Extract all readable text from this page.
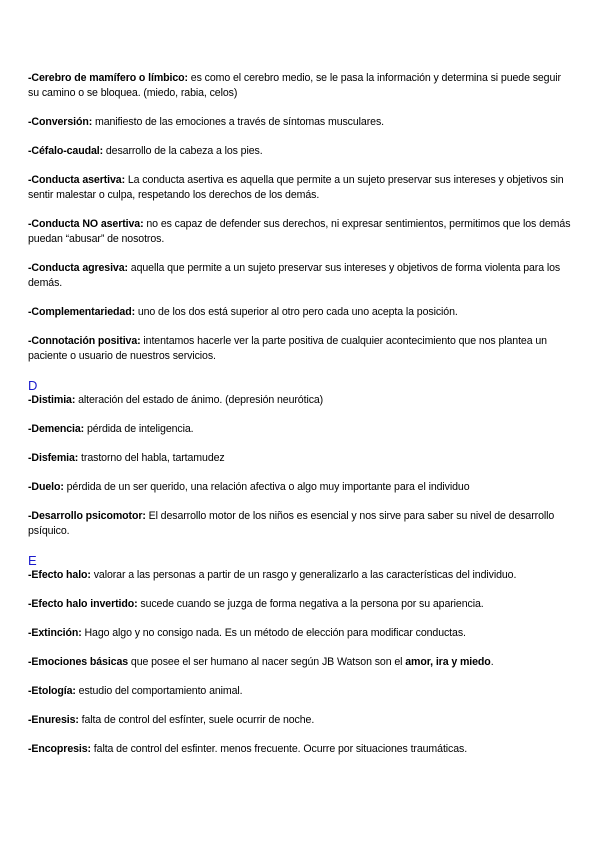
-Cerebro de mamífero o límbico: es como el cerebro medio, se le pasa la información y determina si puede seguir su camino o se bloquea. (miedo, rabia, celos)
-Conversión: manifiesto de las emociones a través de síntomas musculares.
-Céfalo-caudal: desarrollo de la cabeza a los pies.
-Conducta asertiva: La conducta asertiva es aquella que permite a un sujeto preservar sus intereses y objetivos sin sentir malestar o culpa, respetando los derechos de los demás.
-Conducta NO asertiva: no es capaz de defender sus derechos, ni expresar sentimientos, permitimos que los demás puedan “abusar” de nosotros.
-Conducta agresiva: aquella que permite a un sujeto preservar sus intereses y objetivos de forma violenta para los demás.
-Complementariedad: uno de los dos está superior al otro pero cada uno acepta la posición.
-Connotación positiva: intentamos hacerle ver la parte positiva de cualquier acontecimiento que nos plantea un paciente o usuario de nuestros servicios.
D
-Distimia: alteración del estado de ánimo. (depresión neurótica)
-Demencia: pérdida de inteligencia.
-Disfemia: trastorno del habla, tartamudez
-Duelo: pérdida de un ser querido, una relación afectiva o algo muy importante para el individuo
-Desarrollo psicomotor: El desarrollo motor de los niños es esencial y nos sirve para saber su nivel de desarrollo psíquico.
E
-Efecto halo: valorar a las personas a partir de un rasgo y generalizarlo a las características del individuo.
-Efecto halo invertido: sucede cuando se juzga de forma negativa a la persona por su apariencia.
-Extinción: Hago algo y no consigo nada. Es un método de elección para modificar conductas.
-Emociones básicas que posee el ser humano al nacer según JB Watson son el amor, ira y miedo.
-Etología: estudio del comportamiento animal.
-Enuresis: falta de control del esfínter, suele ocurrir de noche.
-Encopresis: falta de control del esfinter. menos frecuente. Ocurre por situaciones traumáticas.
